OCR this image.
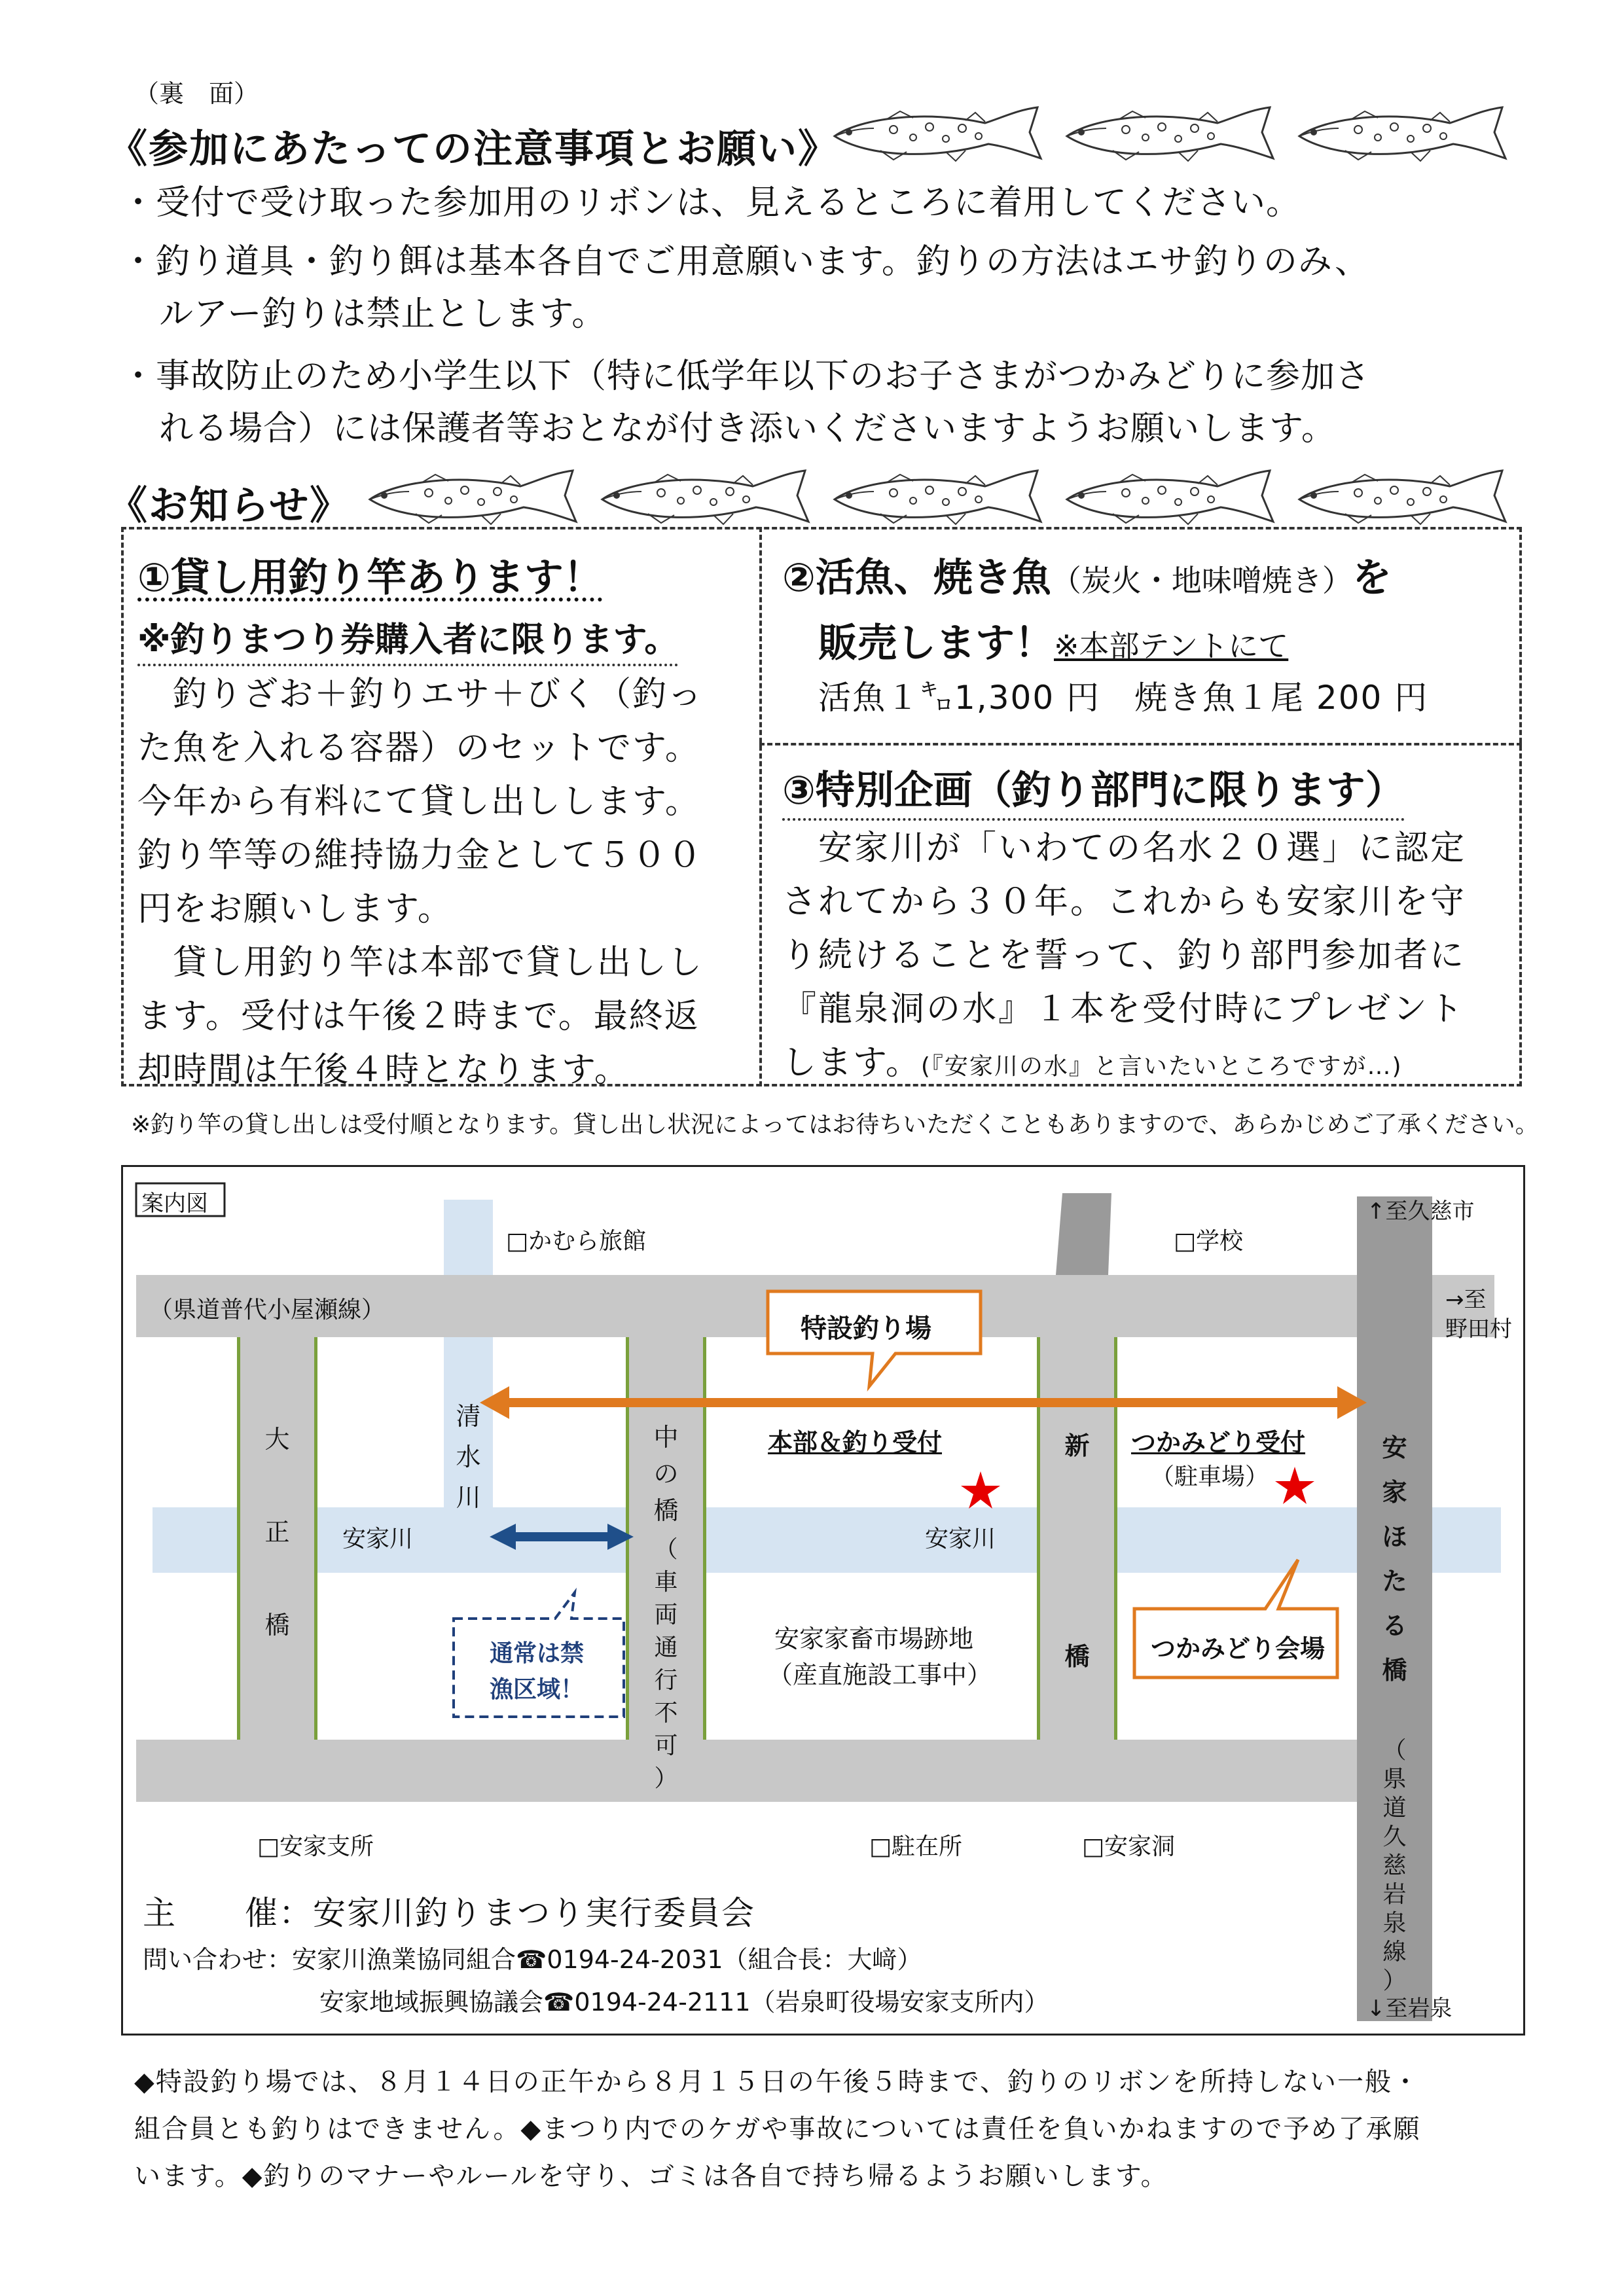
（裏　面）
《参加にあたっての注意事項とお願い》
・受付で受け取った参加用のリボンは、見えるところに着用してください。
・釣り道具・釣り餌は基本各自でご用意願います。釣りの方法はエサ釣りのみ、
ルアー釣りは禁止とします。
・事故防止のため小学生以下（特に低学年以下のお子さまがつかみどりに参加さ
れる場合）には保護者等おとなが付き添いくださいますようお願いします。
《お知らせ》
①貸し用釣り竿あります！
※釣りまつり券購入者に限ります。
　釣りざお＋釣りエサ＋びく（釣っ
た魚を入れる容器）のセットです。
今年から有料にて貸し出しします。
釣り竿等の維持協力金として５００
円をお願いします。
　貸し用釣り竿は本部で貸し出しし
ます。受付は午後２時まで。最終返
却時間は午後４時となります。
②活魚、焼き魚（炭火・地味噌焼き）を
販売します！※本部テントにて
活魚１㌔1,300 円　焼き魚１尾 200 円
③特別企画（釣り部門に限ります）
　安家川が「いわての名水２０選」に認定
されてから３０年。これからも安家川を守
り続けることを誓って、釣り部門参加者に
『龍泉洞の水』１本を受付時にプレゼント
します。(『安家川の水』と言いたいところですが…)
※釣り竿の貸し出しは受付順となります。貸し出し状況によってはお待ちいただくこともありますので、あらかじめご了承ください。
案内図
□かむら旅館	□学校
↑至久慈市
→至
野田村
（県道普代小屋瀬線）
特設釣り場
大
正
橋
清
水
川
中
の
橋
（
車
両
通
行
不
可
）
新
橋
安
家
ほ
た
る
橋
（
県
道
久
慈
岩
泉
線
）
本部＆釣り受付	つかみどり受付
（駐車場）
安家川	安家川
通常は禁
漁区域！
安家家畜市場跡地
（産直施設工事中）
つかみどり会場
□安家支所	□駐在所	□安家洞
↓至岩泉
主　　催：安家川釣りまつり実行委員会
問い合わせ：安家川漁業協同組合☎0194-24-2031（組合長：大﨑）
安家地域振興協議会☎0194-24-2111（岩泉町役場安家支所内）
◆特設釣り場では、８月１４日の正午から８月１５日の午後５時まで、釣りのリボンを所持しない一般・
組合員とも釣りはできません。◆まつり内でのケガや事故については責任を負いかねますので予め了承願
います。◆釣りのマナーやルールを守り、ゴミは各自で持ち帰るようお願いします。
